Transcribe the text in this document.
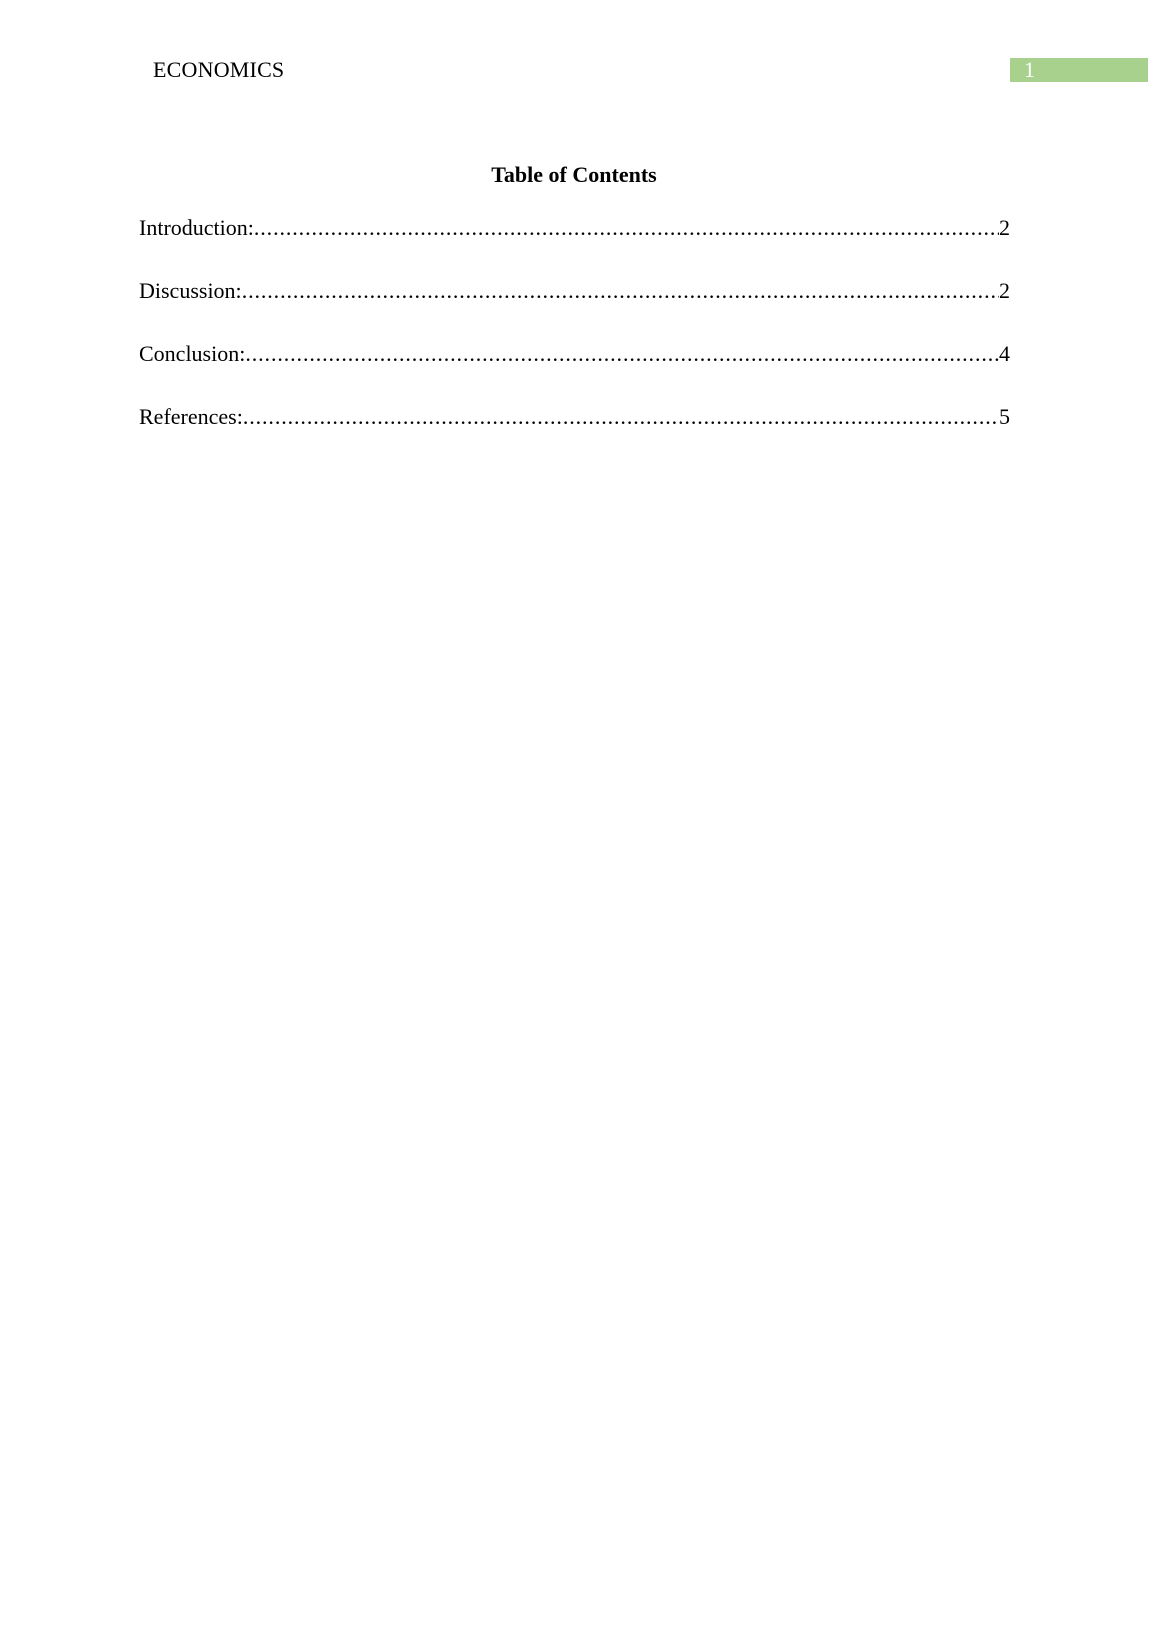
ECONOMICS	1
Table of Contents
Introduction: .....	2
Discussion: .....	2
Conclusion: .....	4
References: .....	5
